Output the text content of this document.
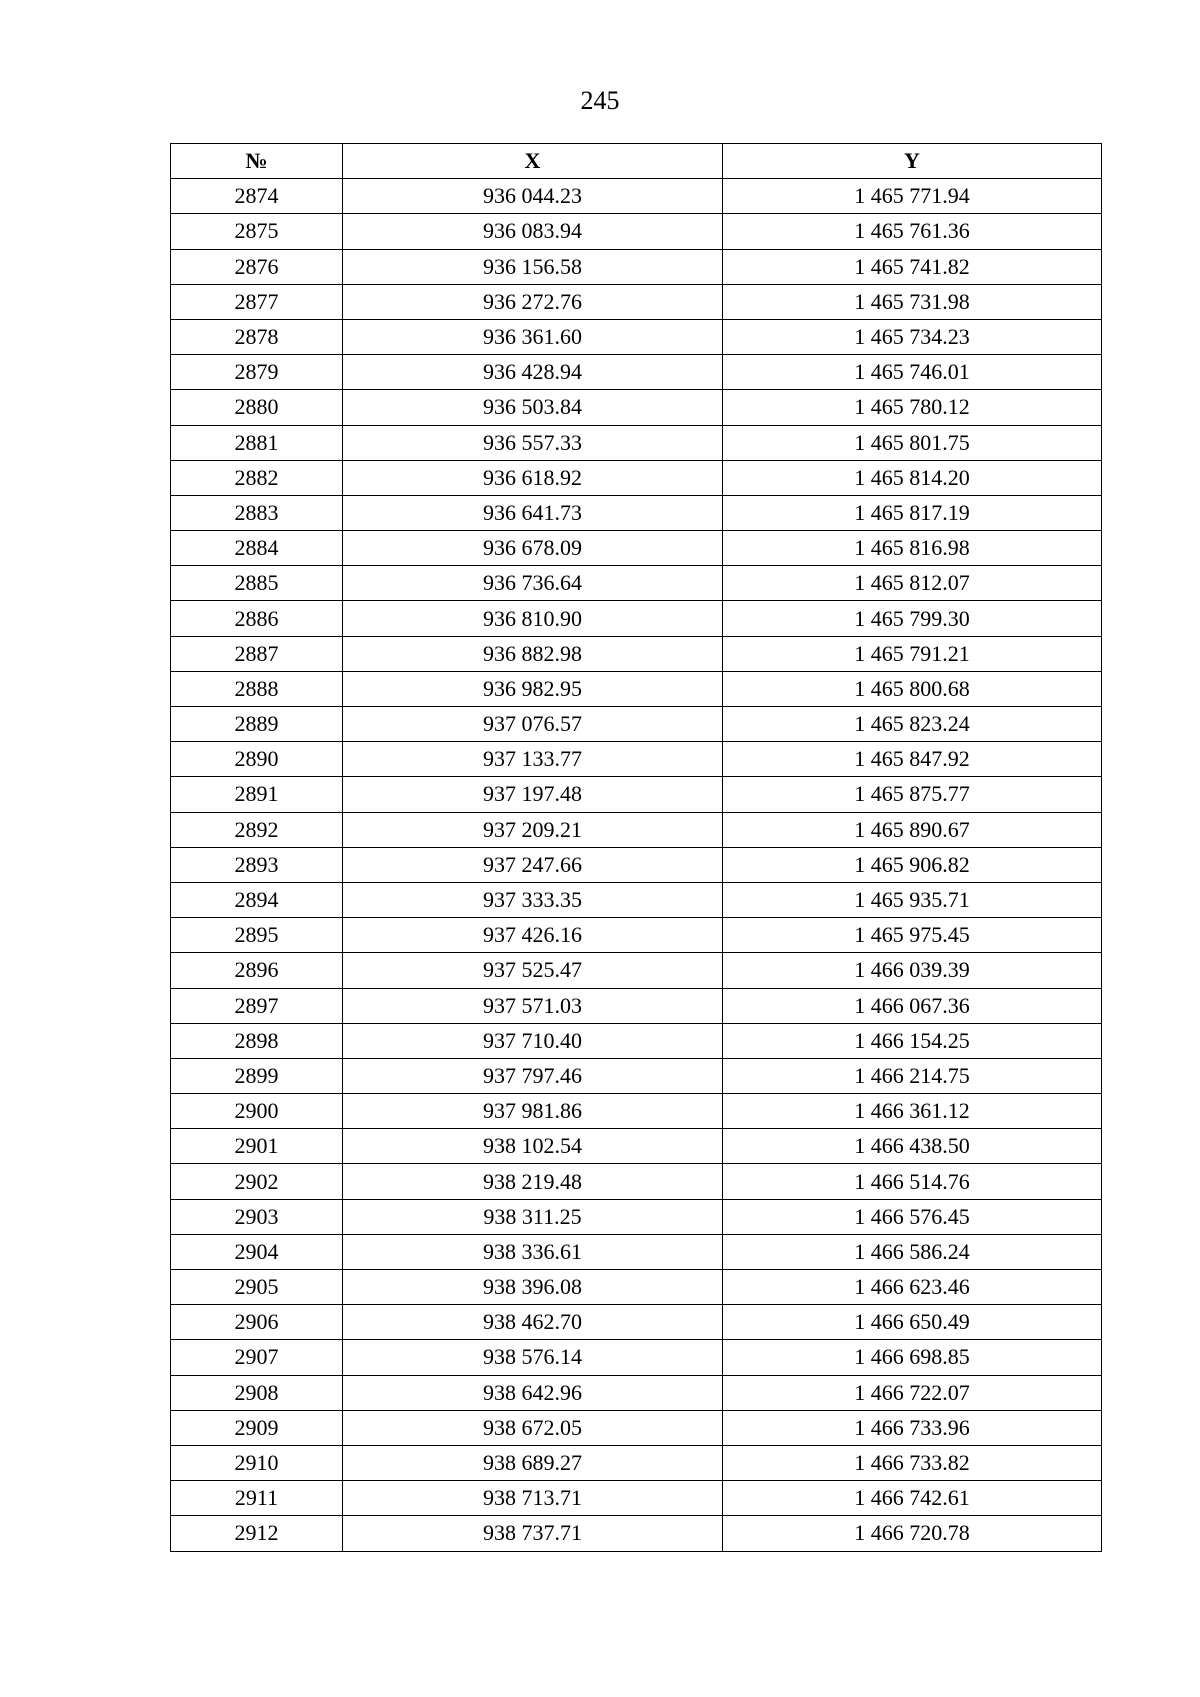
245
№	X	Y
2874	936 044.23	1 465 771.94
2875	936 083.94	1 465 761.36
2876	936 156.58	1 465 741.82
2877	936 272.76	1 465 731.98
2878	936 361.60	1 465 734.23
2879	936 428.94	1 465 746.01
2880	936 503.84	1 465 780.12
2881	936 557.33	1 465 801.75
2882	936 618.92	1 465 814.20
2883	936 641.73	1 465 817.19
2884	936 678.09	1 465 816.98
2885	936 736.64	1 465 812.07
2886	936 810.90	1 465 799.30
2887	936 882.98	1 465 791.21
2888	936 982.95	1 465 800.68
2889	937 076.57	1 465 823.24
2890	937 133.77	1 465 847.92
2891	937 197.48	1 465 875.77
2892	937 209.21	1 465 890.67
2893	937 247.66	1 465 906.82
2894	937 333.35	1 465 935.71
2895	937 426.16	1 465 975.45
2896	937 525.47	1 466 039.39
2897	937 571.03	1 466 067.36
2898	937 710.40	1 466 154.25
2899	937 797.46	1 466 214.75
2900	937 981.86	1 466 361.12
2901	938 102.54	1 466 438.50
2902	938 219.48	1 466 514.76
2903	938 311.25	1 466 576.45
2904	938 336.61	1 466 586.24
2905	938 396.08	1 466 623.46
2906	938 462.70	1 466 650.49
2907	938 576.14	1 466 698.85
2908	938 642.96	1 466 722.07
2909	938 672.05	1 466 733.96
2910	938 689.27	1 466 733.82
2911	938 713.71	1 466 742.61
2912	938 737.71	1 466 720.78
